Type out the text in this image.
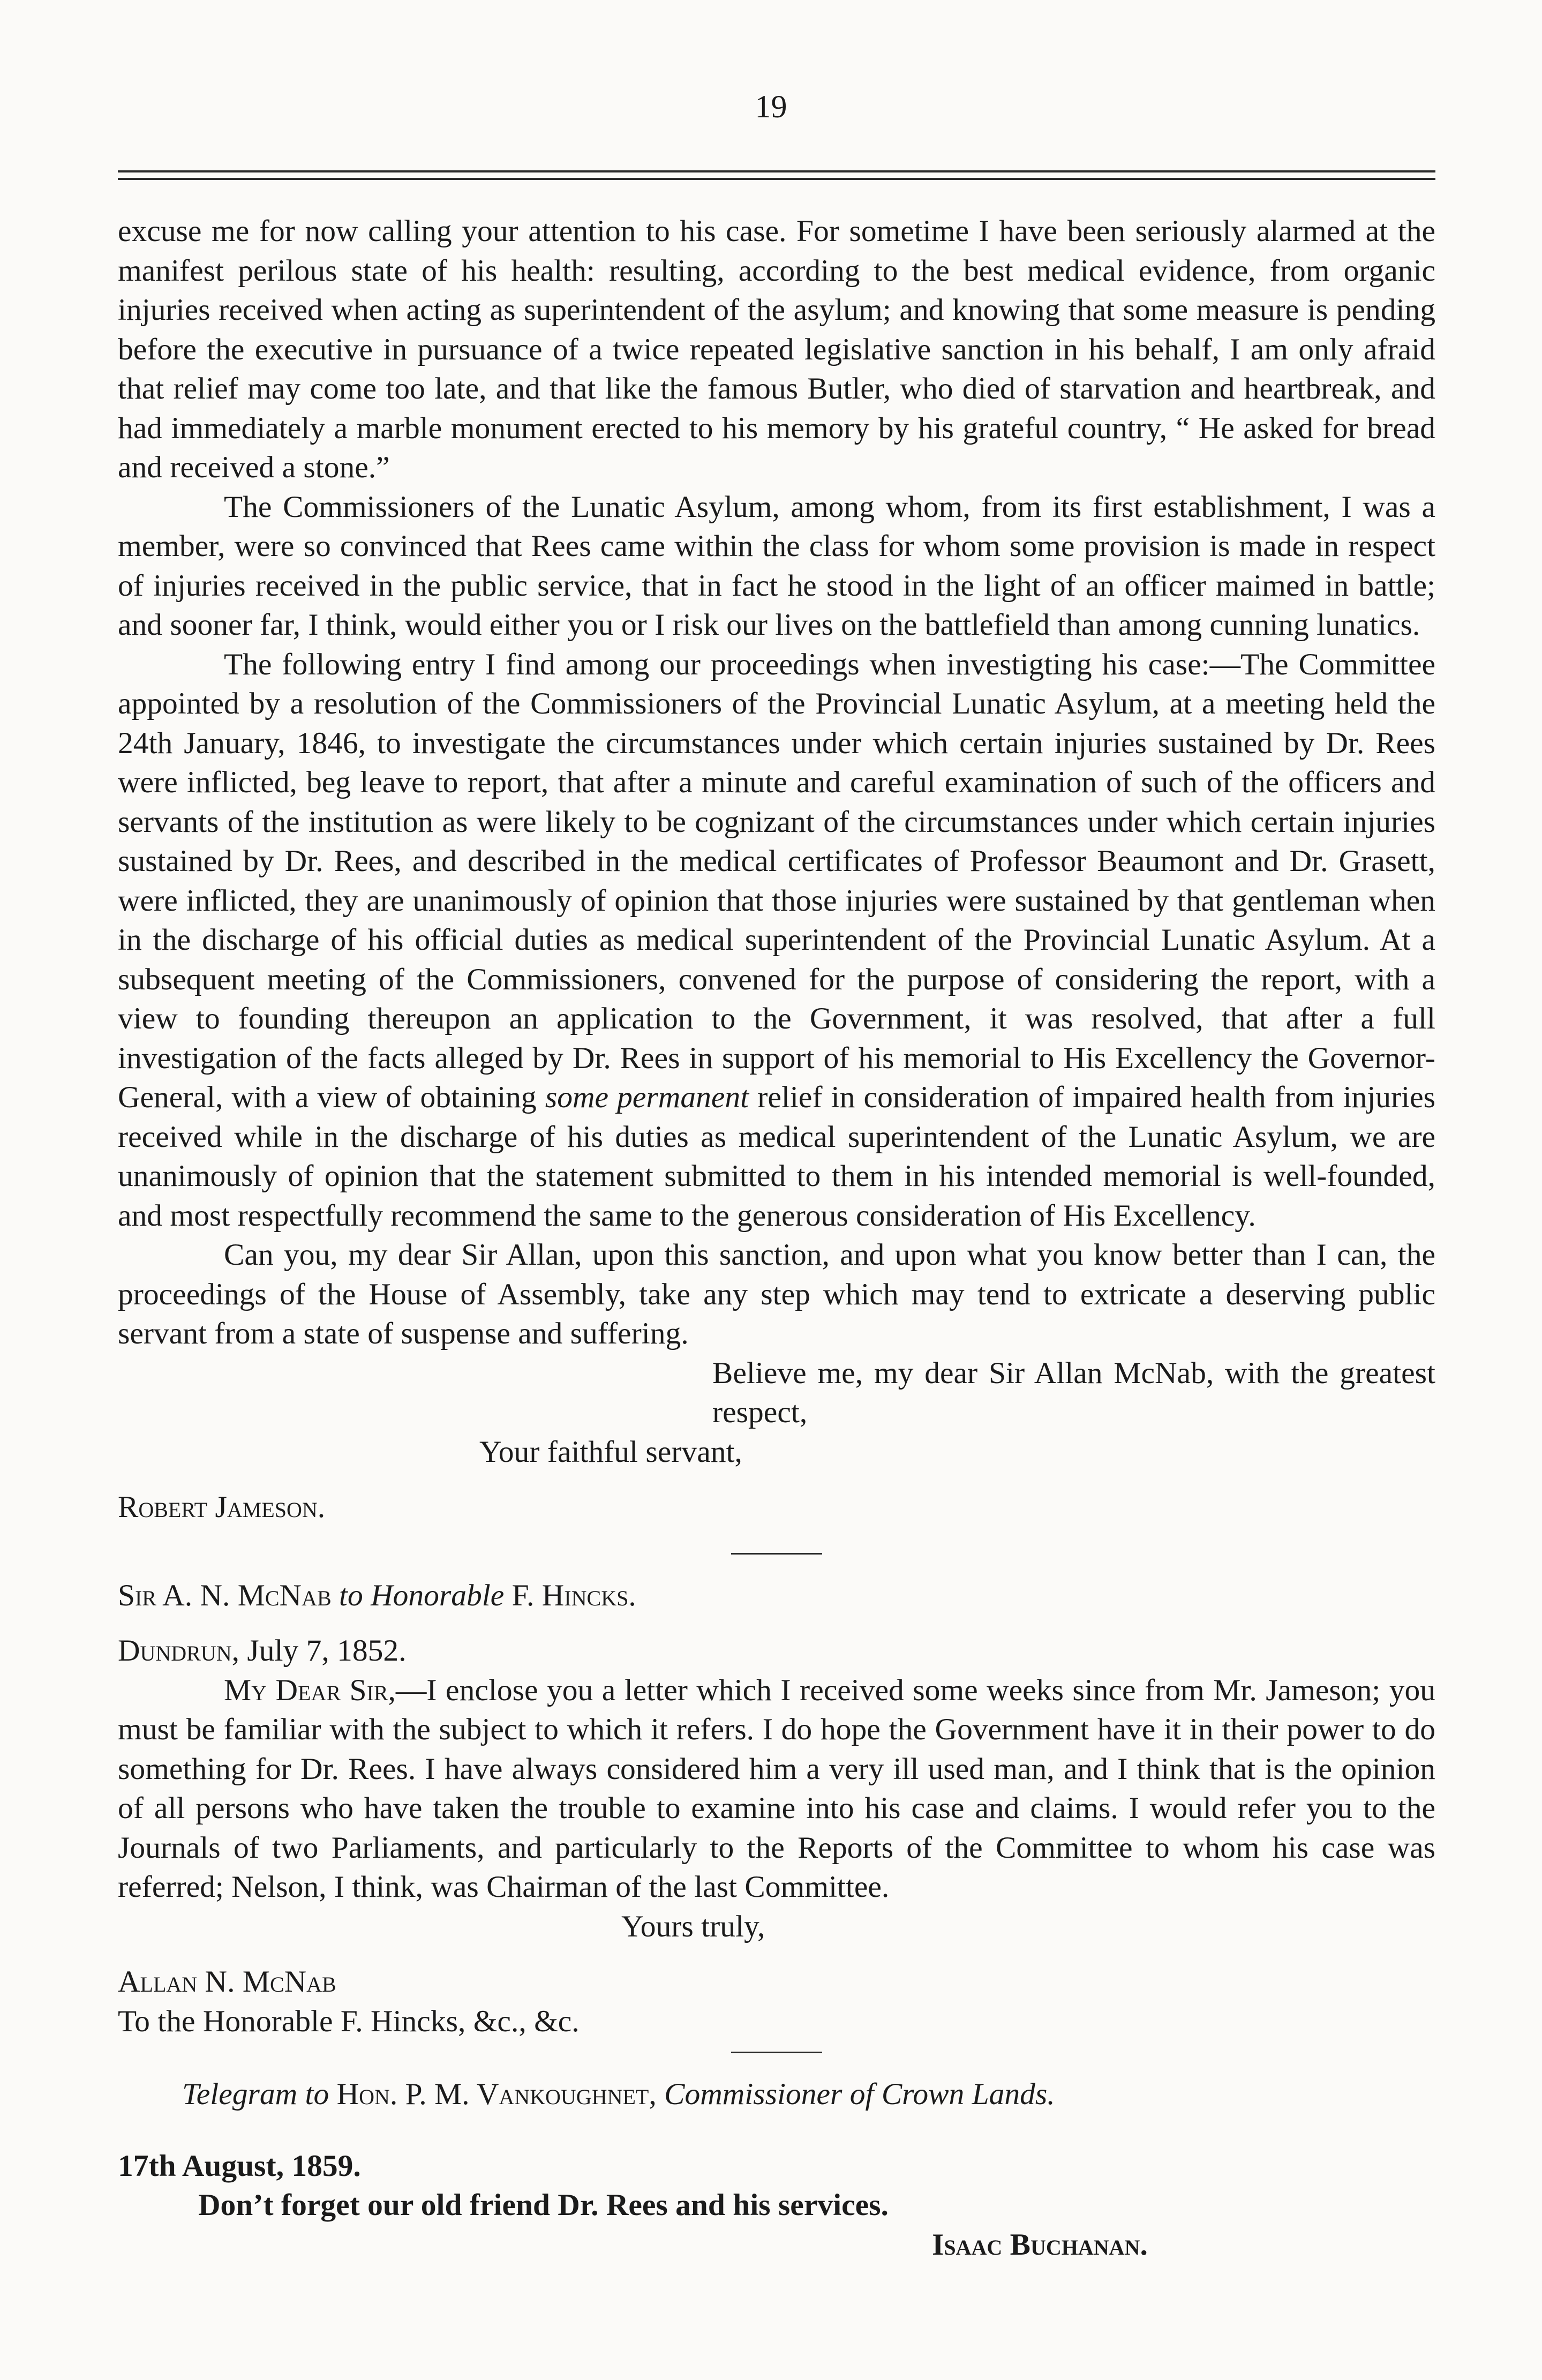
19

excuse me for now calling your attention to his case. For sometime I have been seriously alarmed at the manifest perilous state of his health: resulting, according to the best medical evidence, from organic injuries received when acting as superintendent of the asylum; and knowing that some measure is pending before the executive in pursuance of a twice repeated legislative sanction in his behalf, I am only afraid that relief may come too late, and that like the famous Butler, who died of starvation and heartbreak, and had immediately a marble monument erected to his memory by his grateful country, “ He asked for bread and received a stone.”

The Commissioners of the Lunatic Asylum, among whom, from its first establishment, I was a member, were so convinced that Rees came within the class for whom some provision is made in respect of injuries received in the public service, that in fact he stood in the light of an officer maimed in battle; and sooner far, I think, would either you or I risk our lives on the battlefield than among cunning lunatics.

The following entry I find among our proceedings when investigting his case:—The Committee appointed by a resolution of the Commissioners of the Provincial Lunatic Asylum, at a meeting held the 24th January, 1846, to investigate the circumstances under which certain injuries sustained by Dr. Rees were inflicted, beg leave to report, that after a minute and careful examination of such of the officers and servants of the institution as were likely to be cognizant of the circumstances under which certain injuries sustained by Dr. Rees, and described in the medical certificates of Professor Beaumont and Dr. Grasett, were inflicted, they are unanimously of opinion that those injuries were sustained by that gentleman when in the discharge of his official duties as medical superintendent of the Provincial Lunatic Asylum. At a subsequent meeting of the Commissioners, convened for the purpose of considering the report, with a view to founding thereupon an application to the Government, it was resolved, that after a full investigation of the facts alleged by Dr. Rees in support of his memorial to His Excellency the Governor-General, with a view of obtaining some permanent relief in consideration of impaired health from injuries received while in the discharge of his duties as medical superintendent of the Lunatic Asylum, we are unanimously of opinion that the statement submitted to them in his intended memorial is well-founded, and most respectfully recommend the same to the generous consideration of His Excellency.

Can you, my dear Sir Allan, upon this sanction, and upon what you know better than I can, the proceedings of the House of Assembly, take any step which may tend to extricate a deserving public servant from a state of suspense and suffering.

Believe me, my dear Sir Allan McNab, with the greatest respect,

Your faithful servant,

Robert Jameson.

Sir A. N. McNab to Honorable F. Hincks.

Dundrun, July 7, 1852.

My Dear Sir,—I enclose you a letter which I received some weeks since from Mr. Jameson; you must be familiar with the subject to which it refers. I do hope the Government have it in their power to do something for Dr. Rees. I have always considered him a very ill used man, and I think that is the opinion of all persons who have taken the trouble to examine into his case and claims. I would refer you to the Journals of two Parliaments, and particularly to the Reports of the Committee to whom his case was referred; Nelson, I think, was Chairman of the last Committee.

Yours truly,

Allan N. McNab

To the Honorable F. Hincks, &c., &c.

Telegram to Hon. P. M. Vankoughnet, Commissioner of Crown Lands.

17th August, 1859.

Don’t forget our old friend Dr. Rees and his services.

Isaac Buchanan.
